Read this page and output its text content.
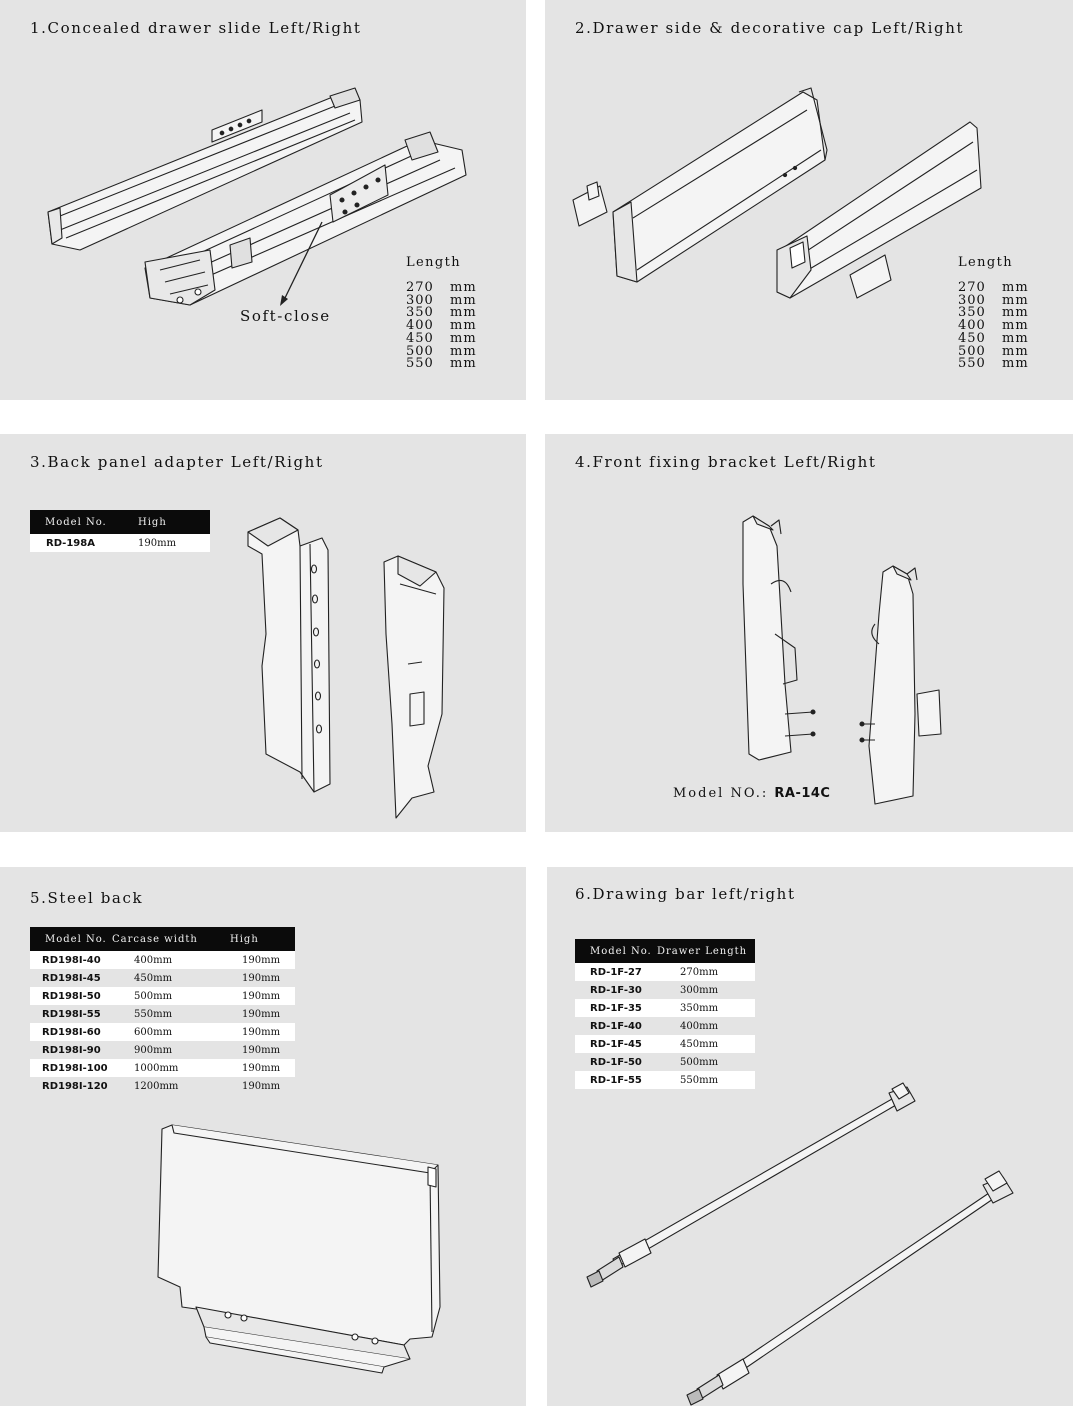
1.Concealed drawer slide Left/Right
Soft-close
Length
270 mm
300 mm
350 mm
400 mm
450 mm
500 mm
550 mm
2.Drawer side & decorative cap Left/Right
Length
270 mm
300 mm
350 mm
400 mm
450 mm
500 mm
550 mm
3.Back panel adapter Left/Right
Model No.	High
RD-198A	190mm
4.Front fixing bracket Left/Right
Model NO.: RA-14C
5.Steel back
Model No.	Carcase width	High
RD198I-40	400mm	190mm
RD198I-45	450mm	190mm
RD198I-50	500mm	190mm
RD198I-55	550mm	190mm
RD198I-60	600mm	190mm
RD198I-90	900mm	190mm
RD198I-100	1000mm	190mm
RD198I-120	1200mm	190mm
6.Drawing bar left/right
Model No.	Drawer Length
RD-1F-27	270mm
RD-1F-30	300mm
RD-1F-35	350mm
RD-1F-40	400mm
RD-1F-45	450mm
RD-1F-50	500mm
RD-1F-55	550mm
